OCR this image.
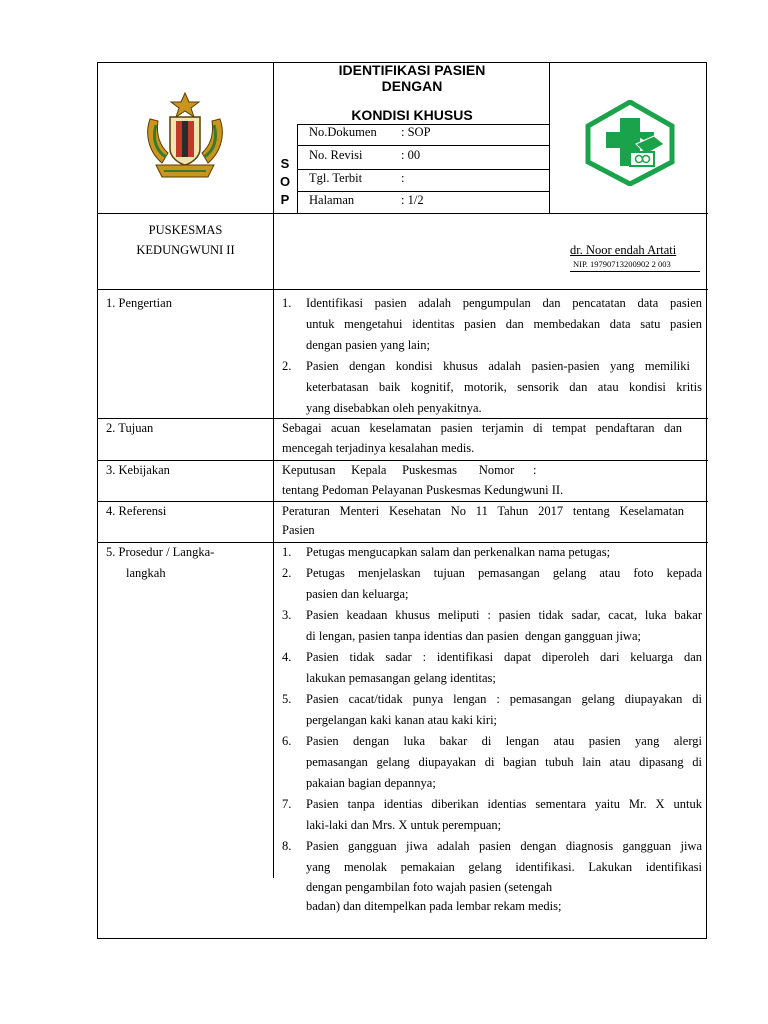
IDENTIFIKASI PASIEN
DENGAN
KONDISI KHUSUS
S
O
P
No.Dokumen : SOP
No. Revisi	: 00
Tgl. Terbit	:
Halaman	: 1/2
PUSKESMAS
KEDUNGWUNI II	dr. Noor endah Artati
NIP. 19790713200902 2 003
1. Pengertian	1. Identifikasi pasien adalah pengumpulan dan pencatatan data pasien
untuk mengetahui identitas pasien dan membedakan data satu pasien
dengan pasien yang lain;
2. Pasien dengan kondisi khusus adalah pasien-pasien yang memiliki
keterbatasan baik kognitif, motorik, sensorik dan atau kondisi kritis
yang disebabkan oleh penyakitnya.
2. Tujuan	Sebagai acuan keselamatan pasien terjamin di tempat pendaftaran dan
mencegah terjadinya kesalahan medis.
3. Kebijakan	Keputusan     Kepala     Puskesmas       Nomor      :
tentang Pedoman Pelayanan Puskesmas Kedungwuni II.
4. Referensi	Peraturan Menteri Kesehatan No 11 Tahun 2017 tentang Keselamatan
Pasien
5. Prosedur / Langka-
langkah
1. Petugas mengucapkan salam dan perkenalkan nama petugas;
2. Petugas menjelaskan tujuan pemasangan gelang atau foto kepada
pasien dan keluarga;
3. Pasien keadaan khusus meliputi : pasien tidak sadar, cacat, luka bakar
di lengan, pasien tanpa identias dan pasien  dengan gangguan jiwa;
4. Pasien tidak sadar : identifikasi dapat diperoleh dari keluarga dan
lakukan pemasangan gelang identitas;
5. Pasien cacat/tidak punya lengan : pemasangan gelang diupayakan di
pergelangan kaki kanan atau kaki kiri;
6. Pasien dengan luka bakar di lengan atau pasien yang alergi
pemasangan gelang diupayakan di bagian tubuh lain atau dipasang di
pakaian bagian depannya;
7. Pasien tanpa identias diberikan identias sementara yaitu Mr. X untuk
laki-laki dan Mrs. X untuk perempuan;
8. Pasien gangguan jiwa adalah pasien dengan diagnosis gangguan jiwa
yang menolak pemakaian gelang identifikasi. Lakukan identifikasi
dengan pengambilan foto wajah pasien (setengah
badan) dan ditempelkan pada lembar rekam medis;
